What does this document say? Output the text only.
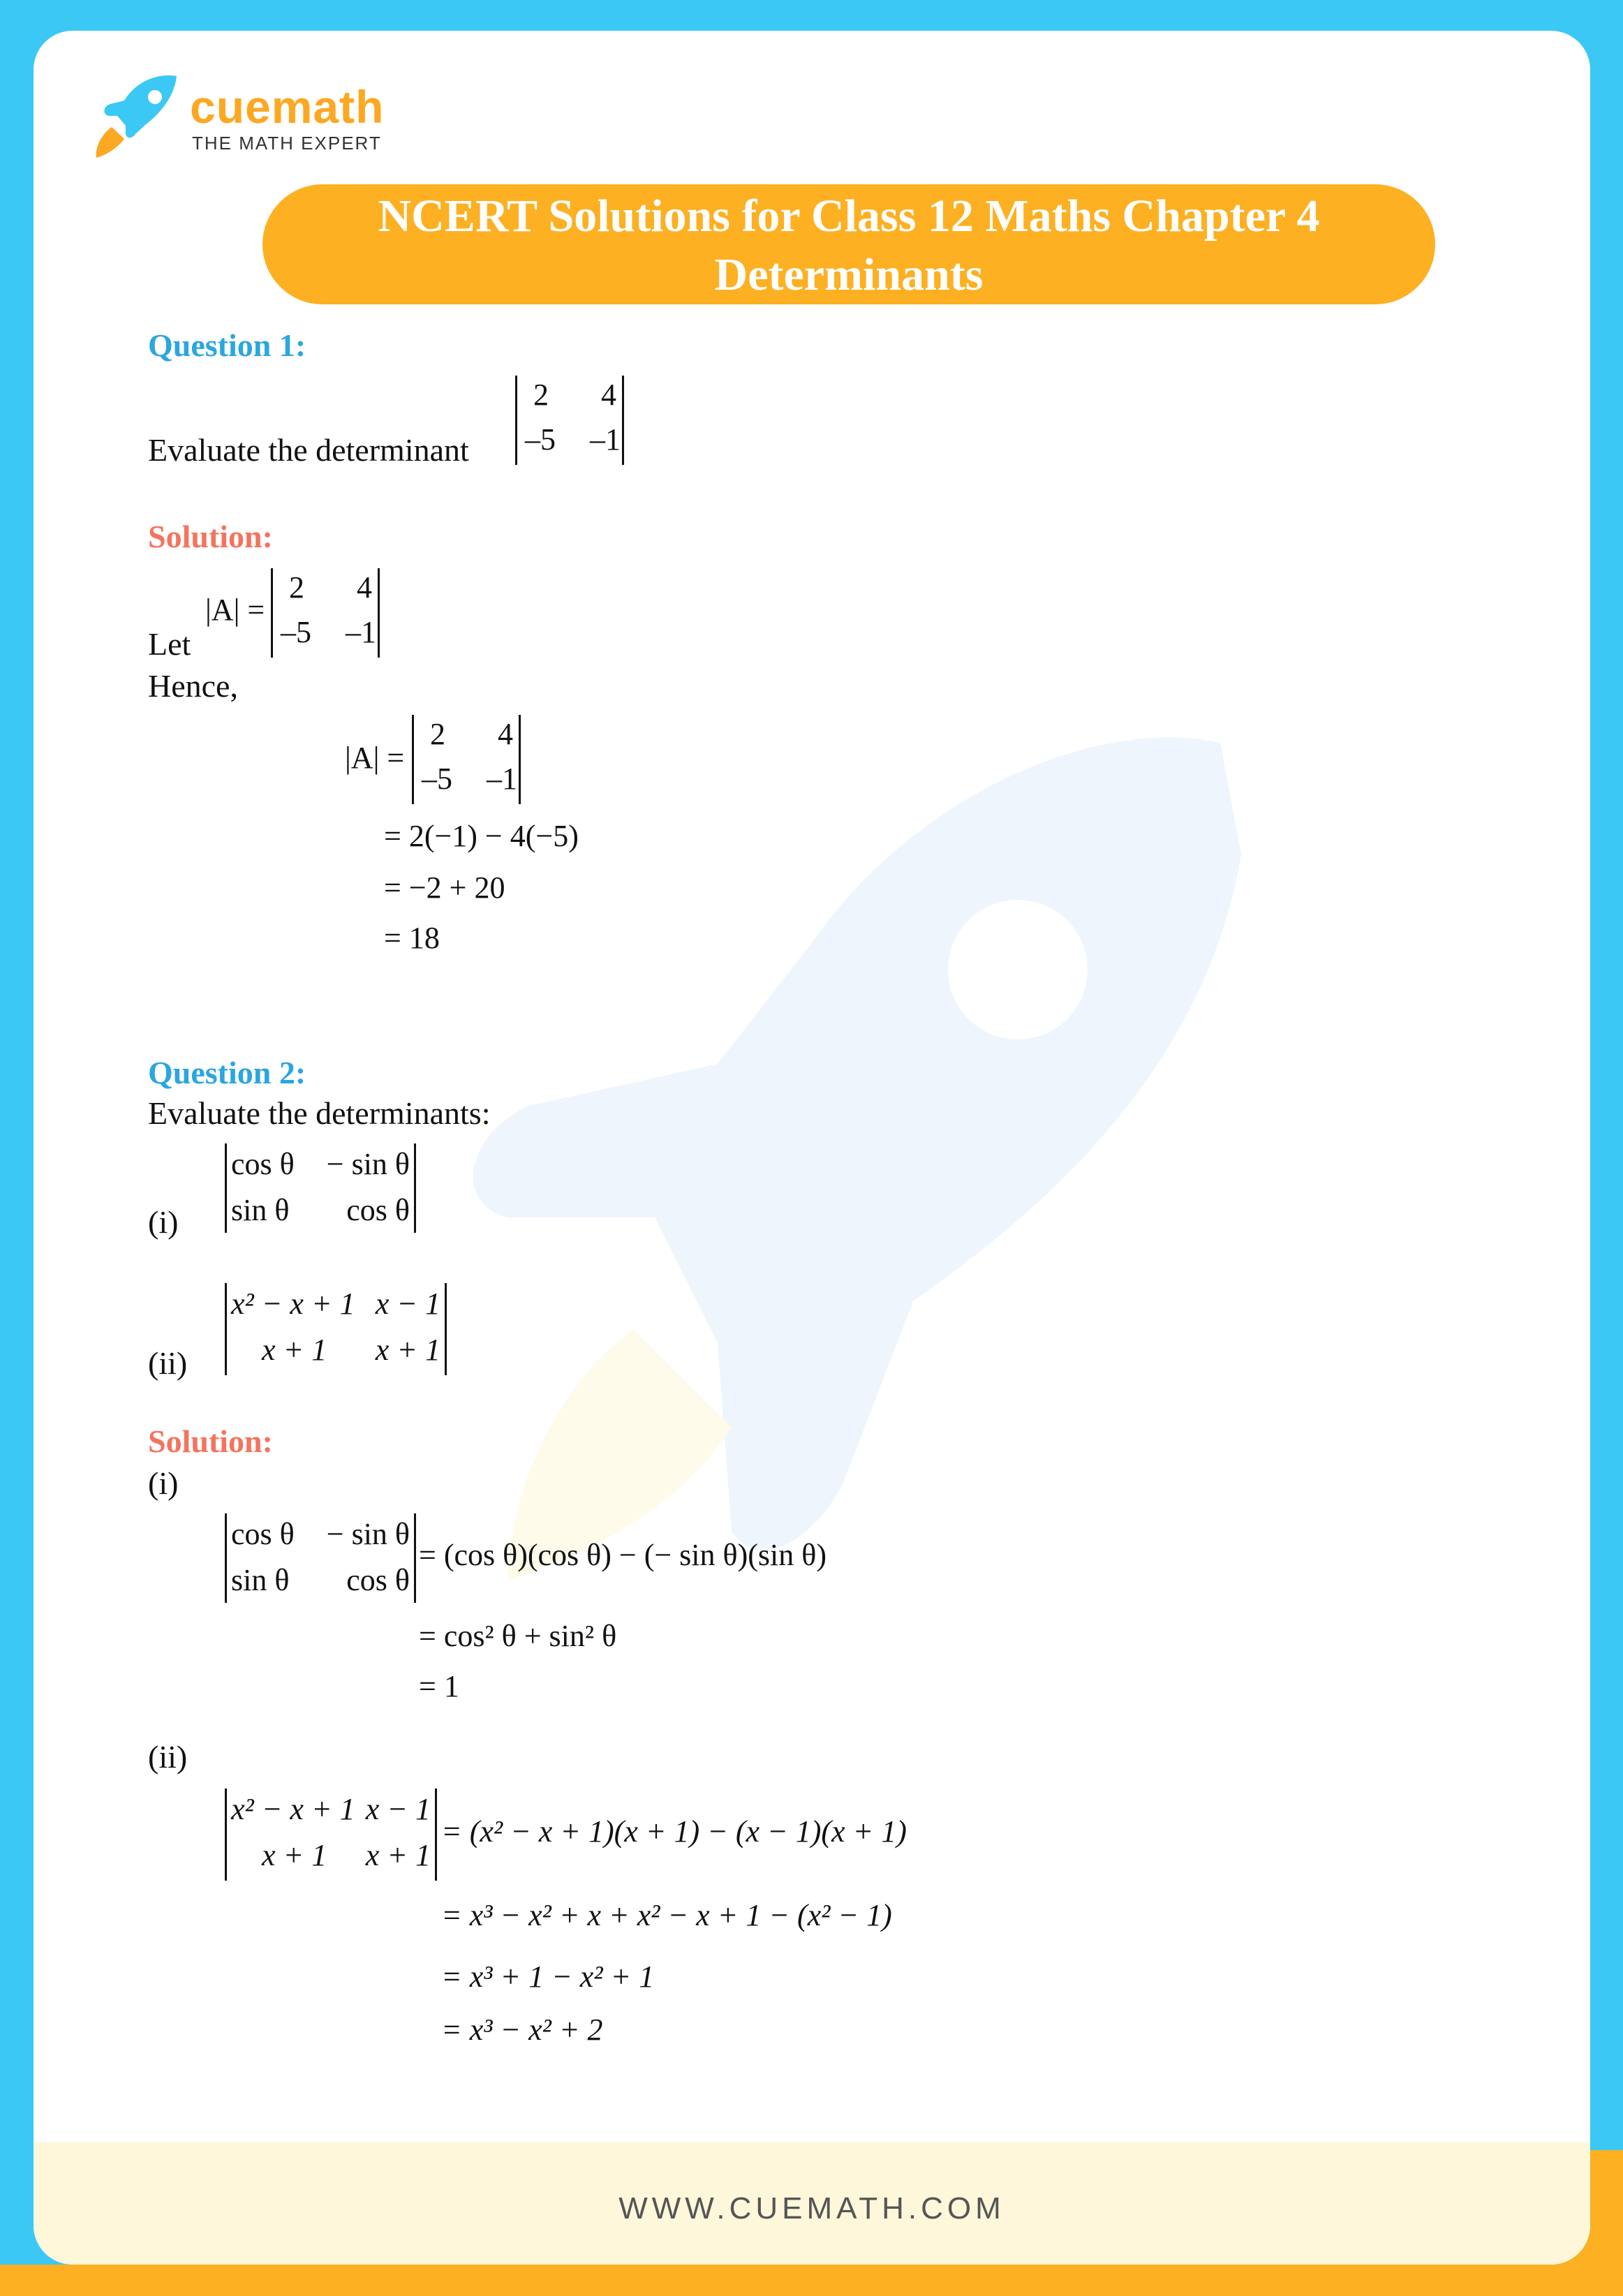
WWW.CUEMATH.COM
cuemath
THE MATH EXPERT
NCERT Solutions for Class 12 Maths Chapter 4
Determinants
Question 1:
Evaluate the determinant
2 4
–5 –1
Solution:
Let
|A| =
2 4
–5 –1
Hence,
|A| =
2 4
–5 –1
= 2(−1) − 4(−5)
= −2 + 20
= 18
Question 2:
Evaluate the determinants:
(i)
cos θ − sin θ
sin θ cos θ
(ii)
x² − x + 1 x − 1
x + 1 x + 1
Solution:
(i)
cos θ − sin θ
sin θ cos θ
= (cos θ)(cos θ) − (− sin θ)(sin θ)
= cos² θ + sin² θ
= 1
(ii)
x² − x + 1 x − 1
x + 1 x + 1
= (x² − x + 1)(x + 1) − (x − 1)(x + 1)
= x³ − x² + x + x² − x + 1 − (x² − 1)
= x³ + 1 − x² + 1
= x³ − x² + 2
